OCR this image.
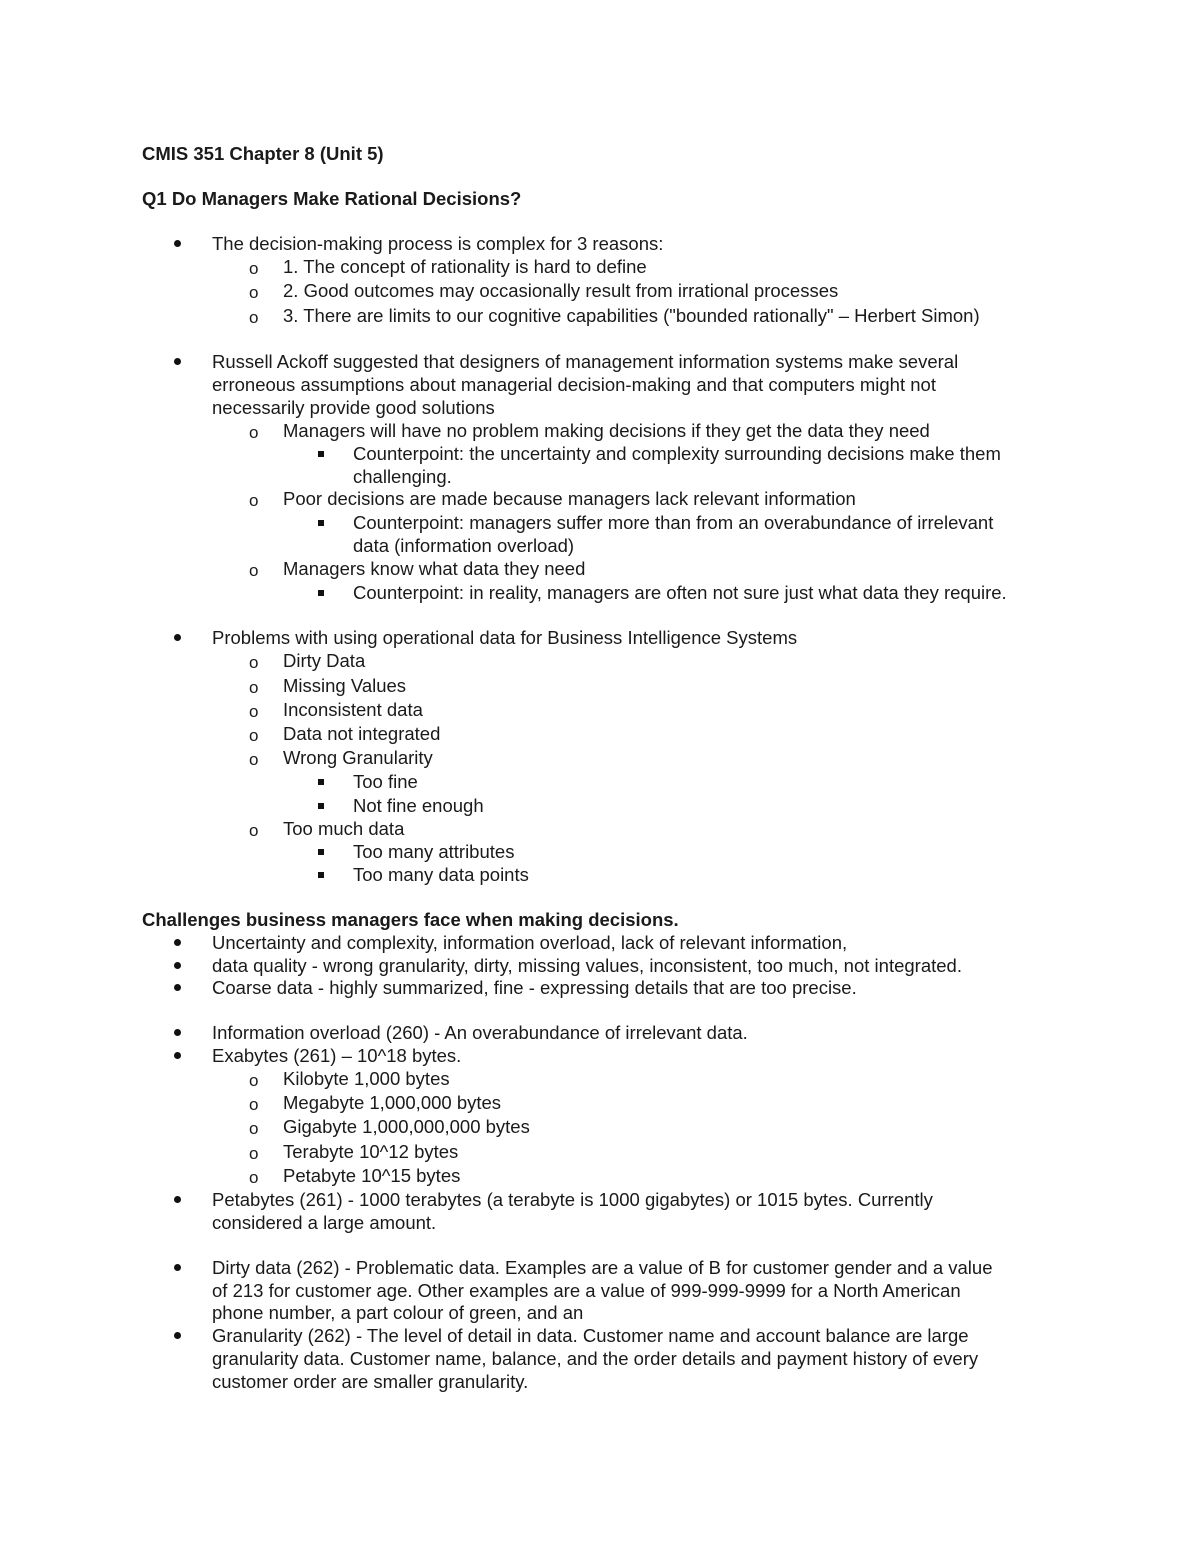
CMIS 351 Chapter 8 (Unit 5)
Q1 Do Managers Make Rational Decisions?
The decision-making process is complex for 3 reasons:
o 1. The concept of rationality is hard to define
o 2. Good outcomes may occasionally result from irrational processes
o 3. There are limits to our cognitive capabilities ("bounded rationally" – Herbert Simon)
Russell Ackoff suggested that designers of management information systems make several
erroneous assumptions about managerial decision-making and that computers might not
necessarily provide good solutions
o Managers will have no problem making decisions if they get the data they need
Counterpoint: the uncertainty and complexity surrounding decisions make them
challenging.
o Poor decisions are made because managers lack relevant information
Counterpoint: managers suffer more than from an overabundance of irrelevant
data (information overload)
o Managers know what data they need
Counterpoint: in reality, managers are often not sure just what data they require.
Problems with using operational data for Business Intelligence Systems
o Dirty Data
o Missing Values
o Inconsistent data
o Data not integrated
o Wrong Granularity
Too fine
Not fine enough
o Too much data
Too many attributes
Too many data points
Challenges business managers face when making decisions.
Uncertainty and complexity, information overload, lack of relevant information,
data quality - wrong granularity, dirty, missing values, inconsistent, too much, not integrated.
Coarse data - highly summarized, fine - expressing details that are too precise.
Information overload (260) - An overabundance of irrelevant data.
Exabytes (261) – 10^18 bytes.
o Kilobyte 1,000 bytes
o Megabyte 1,000,000 bytes
o Gigabyte 1,000,000,000 bytes
o Terabyte 10^12 bytes
o Petabyte 10^15 bytes
Petabytes (261) - 1000 terabytes (a terabyte is 1000 gigabytes) or 1015 bytes. Currently
considered a large amount.
Dirty data (262) - Problematic data. Examples are a value of B for customer gender and a value
of 213 for customer age. Other examples are a value of 999-999-9999 for a North American
phone number, a part colour of green, and an
Granularity (262) - The level of detail in data. Customer name and account balance are large
granularity data. Customer name, balance, and the order details and payment history of every
customer order are smaller granularity.
